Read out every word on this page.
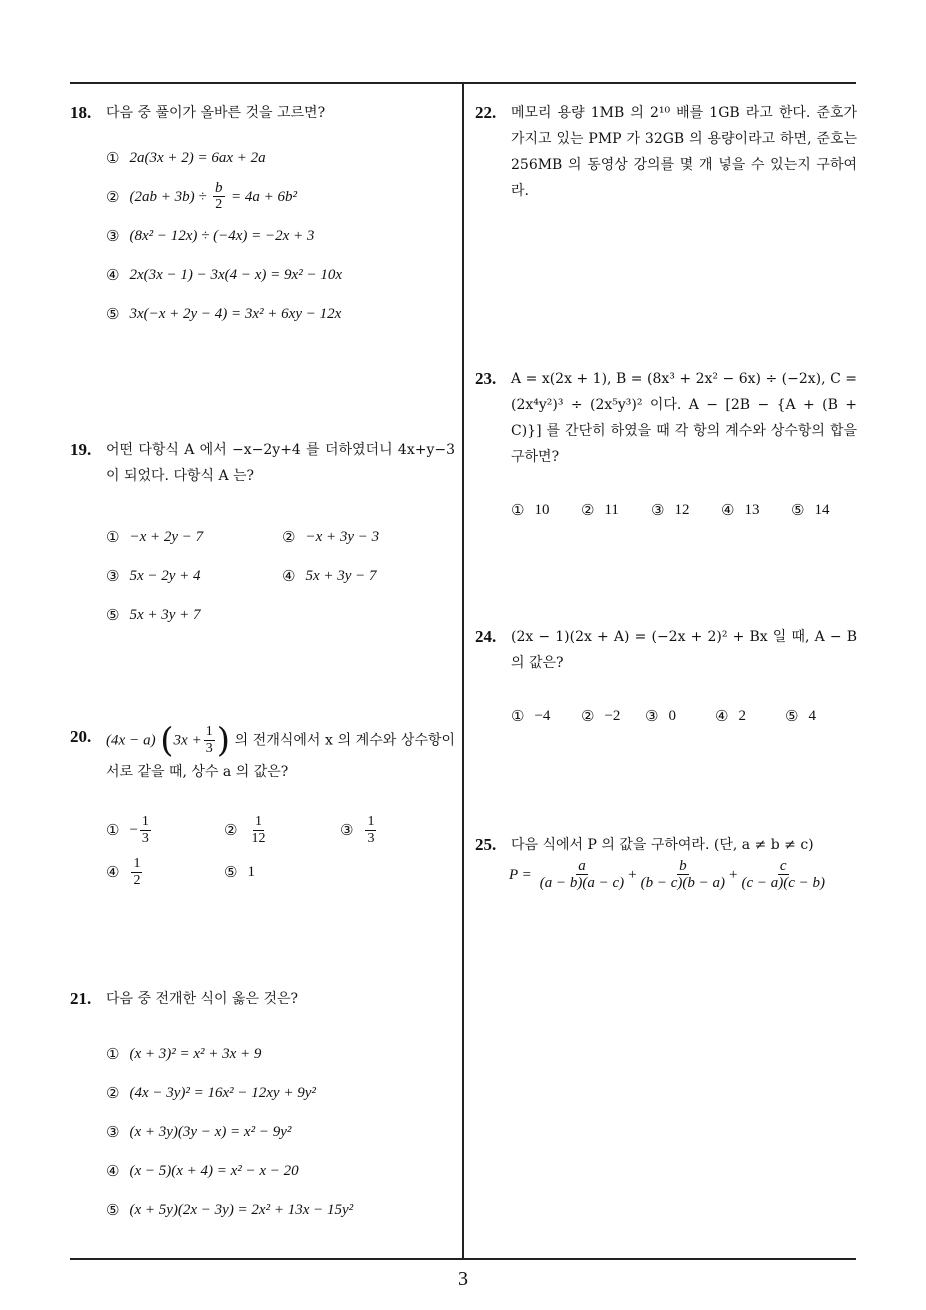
18.	다음 중 풀이가 올바른 것을 고르면?
① 2a(3x + 2) = 6ax + 2a
② (2ab + 3b) ÷
$\frac{b}{2}$
= 4a + 6b²
③ (8x² − 12x) ÷ (−4x) = −2x + 3
④ 2x(3x − 1) − 3x(4 − x) = 9x² − 10x
⑤ 3x(−x + 2y − 4) = 3x² + 6xy − 12x
19.	어떤 다항식 A 에서 −x−2y+4 를 더하였더니 4x+y−3 이 되었다. 다항식 A 는?
① −x + 2y − 7	② −x + 3y − 3
③ 5x − 2y + 4	④ 5x + 3y − 7
⑤ 5x + 3y + 7
20. (4x − a) ($3x + \frac{1}{3}$ ) 의 전개식에서 x 의 계수와 상수항이 서로 같을 때, 상수 a 의 값은?
① − $\frac{1}{3}$	② $\frac{1}{12}$	③ $\frac{1}{3}$
④ $\frac{1}{2}$	⑤ 1
21.	다음 중 전개한 식이 옳은 것은?
① (x + 3)² = x² + 3x + 9
② (4x − 3y)² = 16x² − 12xy + 9y²
③ (x + 3y)(3y − x) = x² − 9y²
④ (x − 5)(x + 4) = x² − x − 20
⑤ (x + 5y)(2x − 3y) = 2x² + 13x − 15y²
22.	메모리 용량 1MB 의 2¹⁰ 배를 1GB 라고 한다. 준호가 가지고 있는 PMP 가 32GB 의 용량이라고 하면, 준호는 256MB 의 동영상 강의를 몇 개 넣을 수 있는지 구하여라.
23.	A = x(2x + 1), B = (8x³ + 2x² − 6x) ÷ (−2x), C = (2x⁴y²)³ ÷ (2x⁵y³)² 이다. A − [2B − {A + (B + C)}] 를 간단히 하였을 때 각 항의 계수와 상수항의 합을 구하면?
① 10 ② 11 ③ 12 ④ 13 ⑤ 14
24.	(2x − 1)(2x + A) = (−2x + 2)² + Bx 일 때, A − B 의 값은?
① −4 ② −2 ③ 0	④ 2	⑤ 4
25.	다음 식에서 P 의 값을 구하여라. (단, a ≠ b ≠ c)
$P = \frac{a}{(a - b)(a - c)} + \frac{b}{(b - c)(b - a)} + \frac{c}{(c - a)(c - b)}$
3
